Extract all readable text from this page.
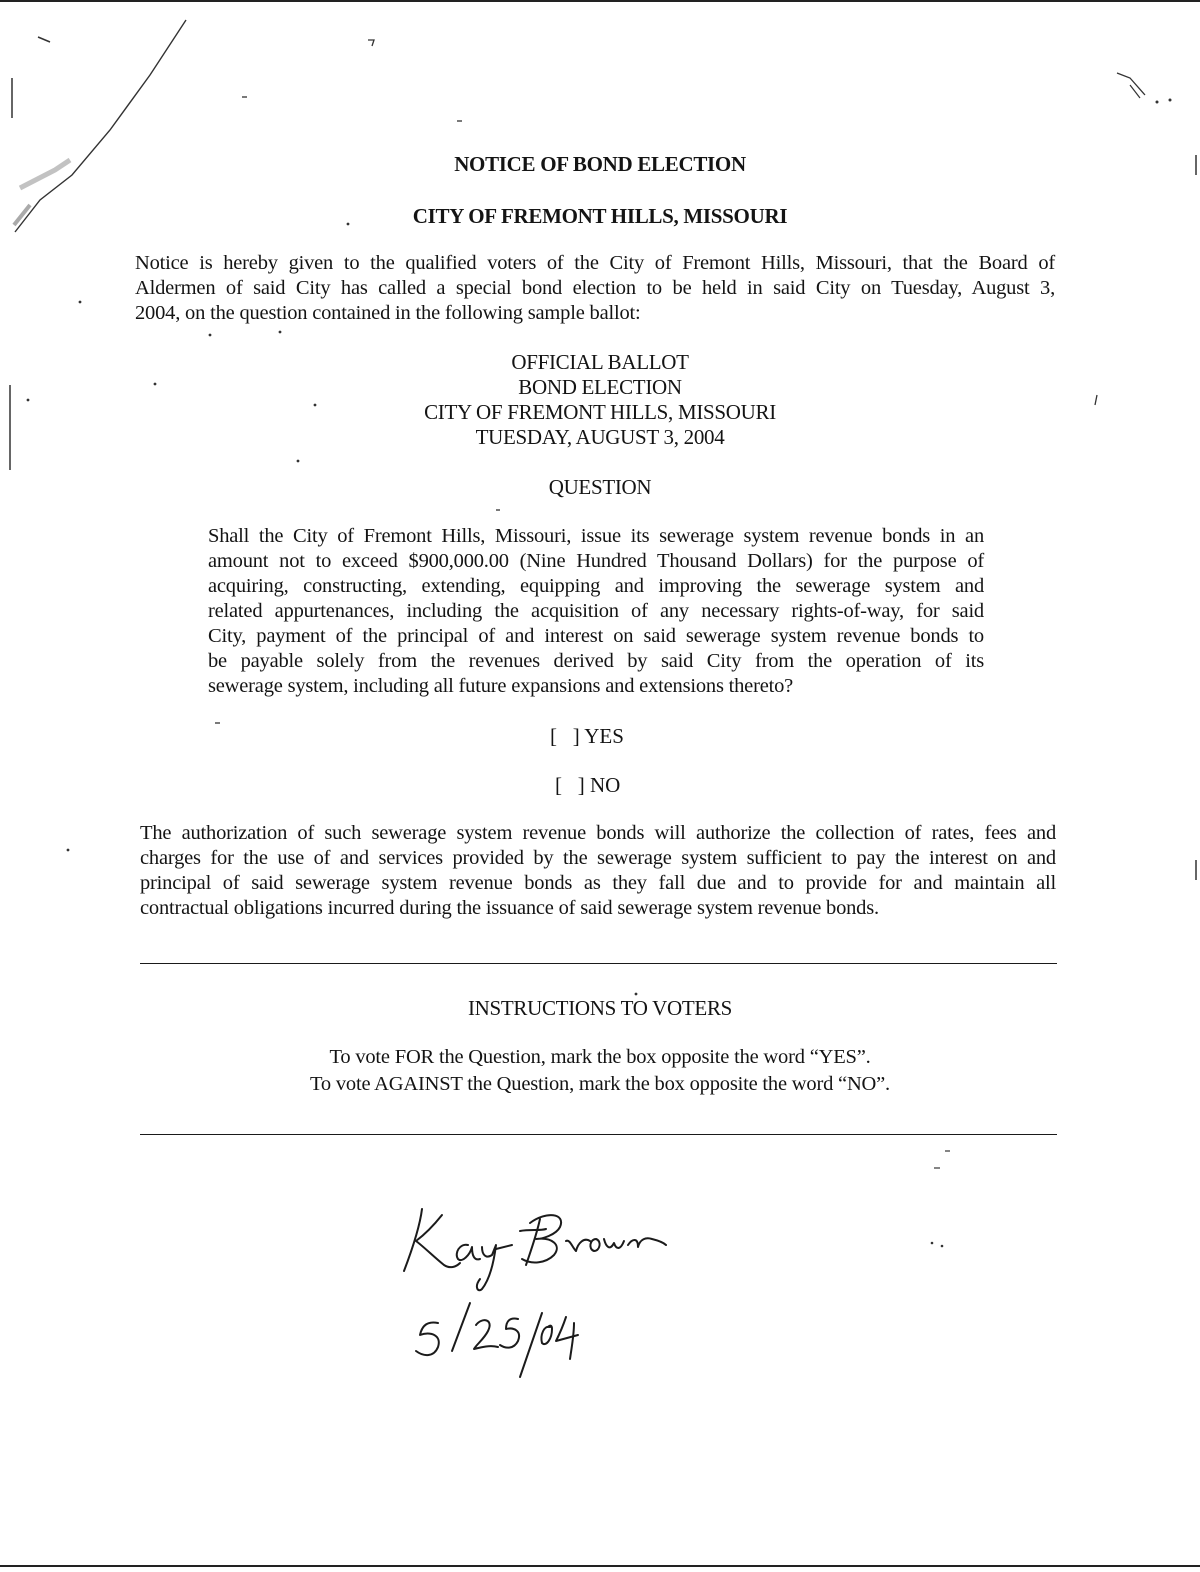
NOTICE OF BOND ELECTION
CITY OF FREMONT HILLS, MISSOURI
Notice is hereby given to the qualified voters of the City of Fremont Hills, Missouri, that the Board of
Aldermen of said City has called a special bond election to be held in said City on Tuesday, August 3,
2004, on the question contained in the following sample ballot:
OFFICIAL BALLOT
BOND ELECTION
CITY OF FREMONT HILLS, MISSOURI
TUESDAY, AUGUST 3, 2004
QUESTION
Shall the City of Fremont Hills, Missouri, issue its sewerage system revenue bonds in an
amount not to exceed $900,000.00 (Nine Hundred Thousand Dollars) for the purpose of
acquiring, constructing, extending, equipping and improving the sewerage system and
related appurtenances, including the acquisition of any necessary rights-of-way, for said
City, payment of the principal of and interest on said sewerage system revenue bonds to
be payable solely from the revenues derived by said City from the operation of its
sewerage system, including all future expansions and extensions thereto?
[   ] YES
[   ] NO
The authorization of such sewerage system revenue bonds will authorize the collection of rates, fees and
charges for the use of and services provided by the sewerage system sufficient to pay the interest on and
principal of said sewerage system revenue bonds as they fall due and to provide for and maintain all
contractual obligations incurred during the issuance of said sewerage system revenue bonds.
INSTRUCTIONS TO VOTERS
To vote FOR the Question, mark the box opposite the word “YES”.
To vote AGAINST the Question, mark the box opposite the word “NO”.
